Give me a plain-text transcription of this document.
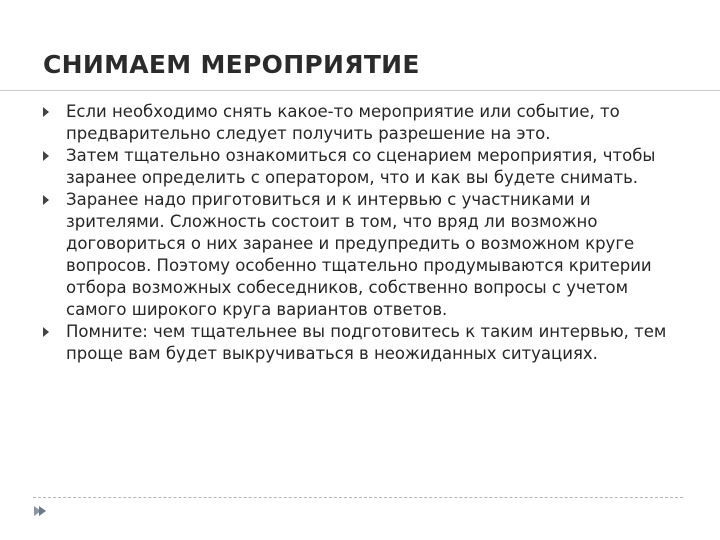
СНИМАЕМ МЕРОПРИЯТИЕ
Если необходимо снять какое-то мероприятие или событие, то предварительно следует получить разрешение на это.
Затем тщательно ознакомиться со сценарием мероприятия, чтобы заранее определить с оператором, что и как вы будете снимать.
Заранее надо приготовиться и к интервью с участниками и зрителями. Сложность состоит в том, что вряд ли возможно договориться о них заранее и предупредить о возможном круге вопросов. Поэтому особенно тщательно продумываются критерии отбора возможных собеседников, собственно вопросы с учетом самого широкого круга вариантов ответов.
Помните: чем тщательнее вы подготовитесь к таким интервью, тем проще вам будет выкручиваться в неожиданных ситуациях.
